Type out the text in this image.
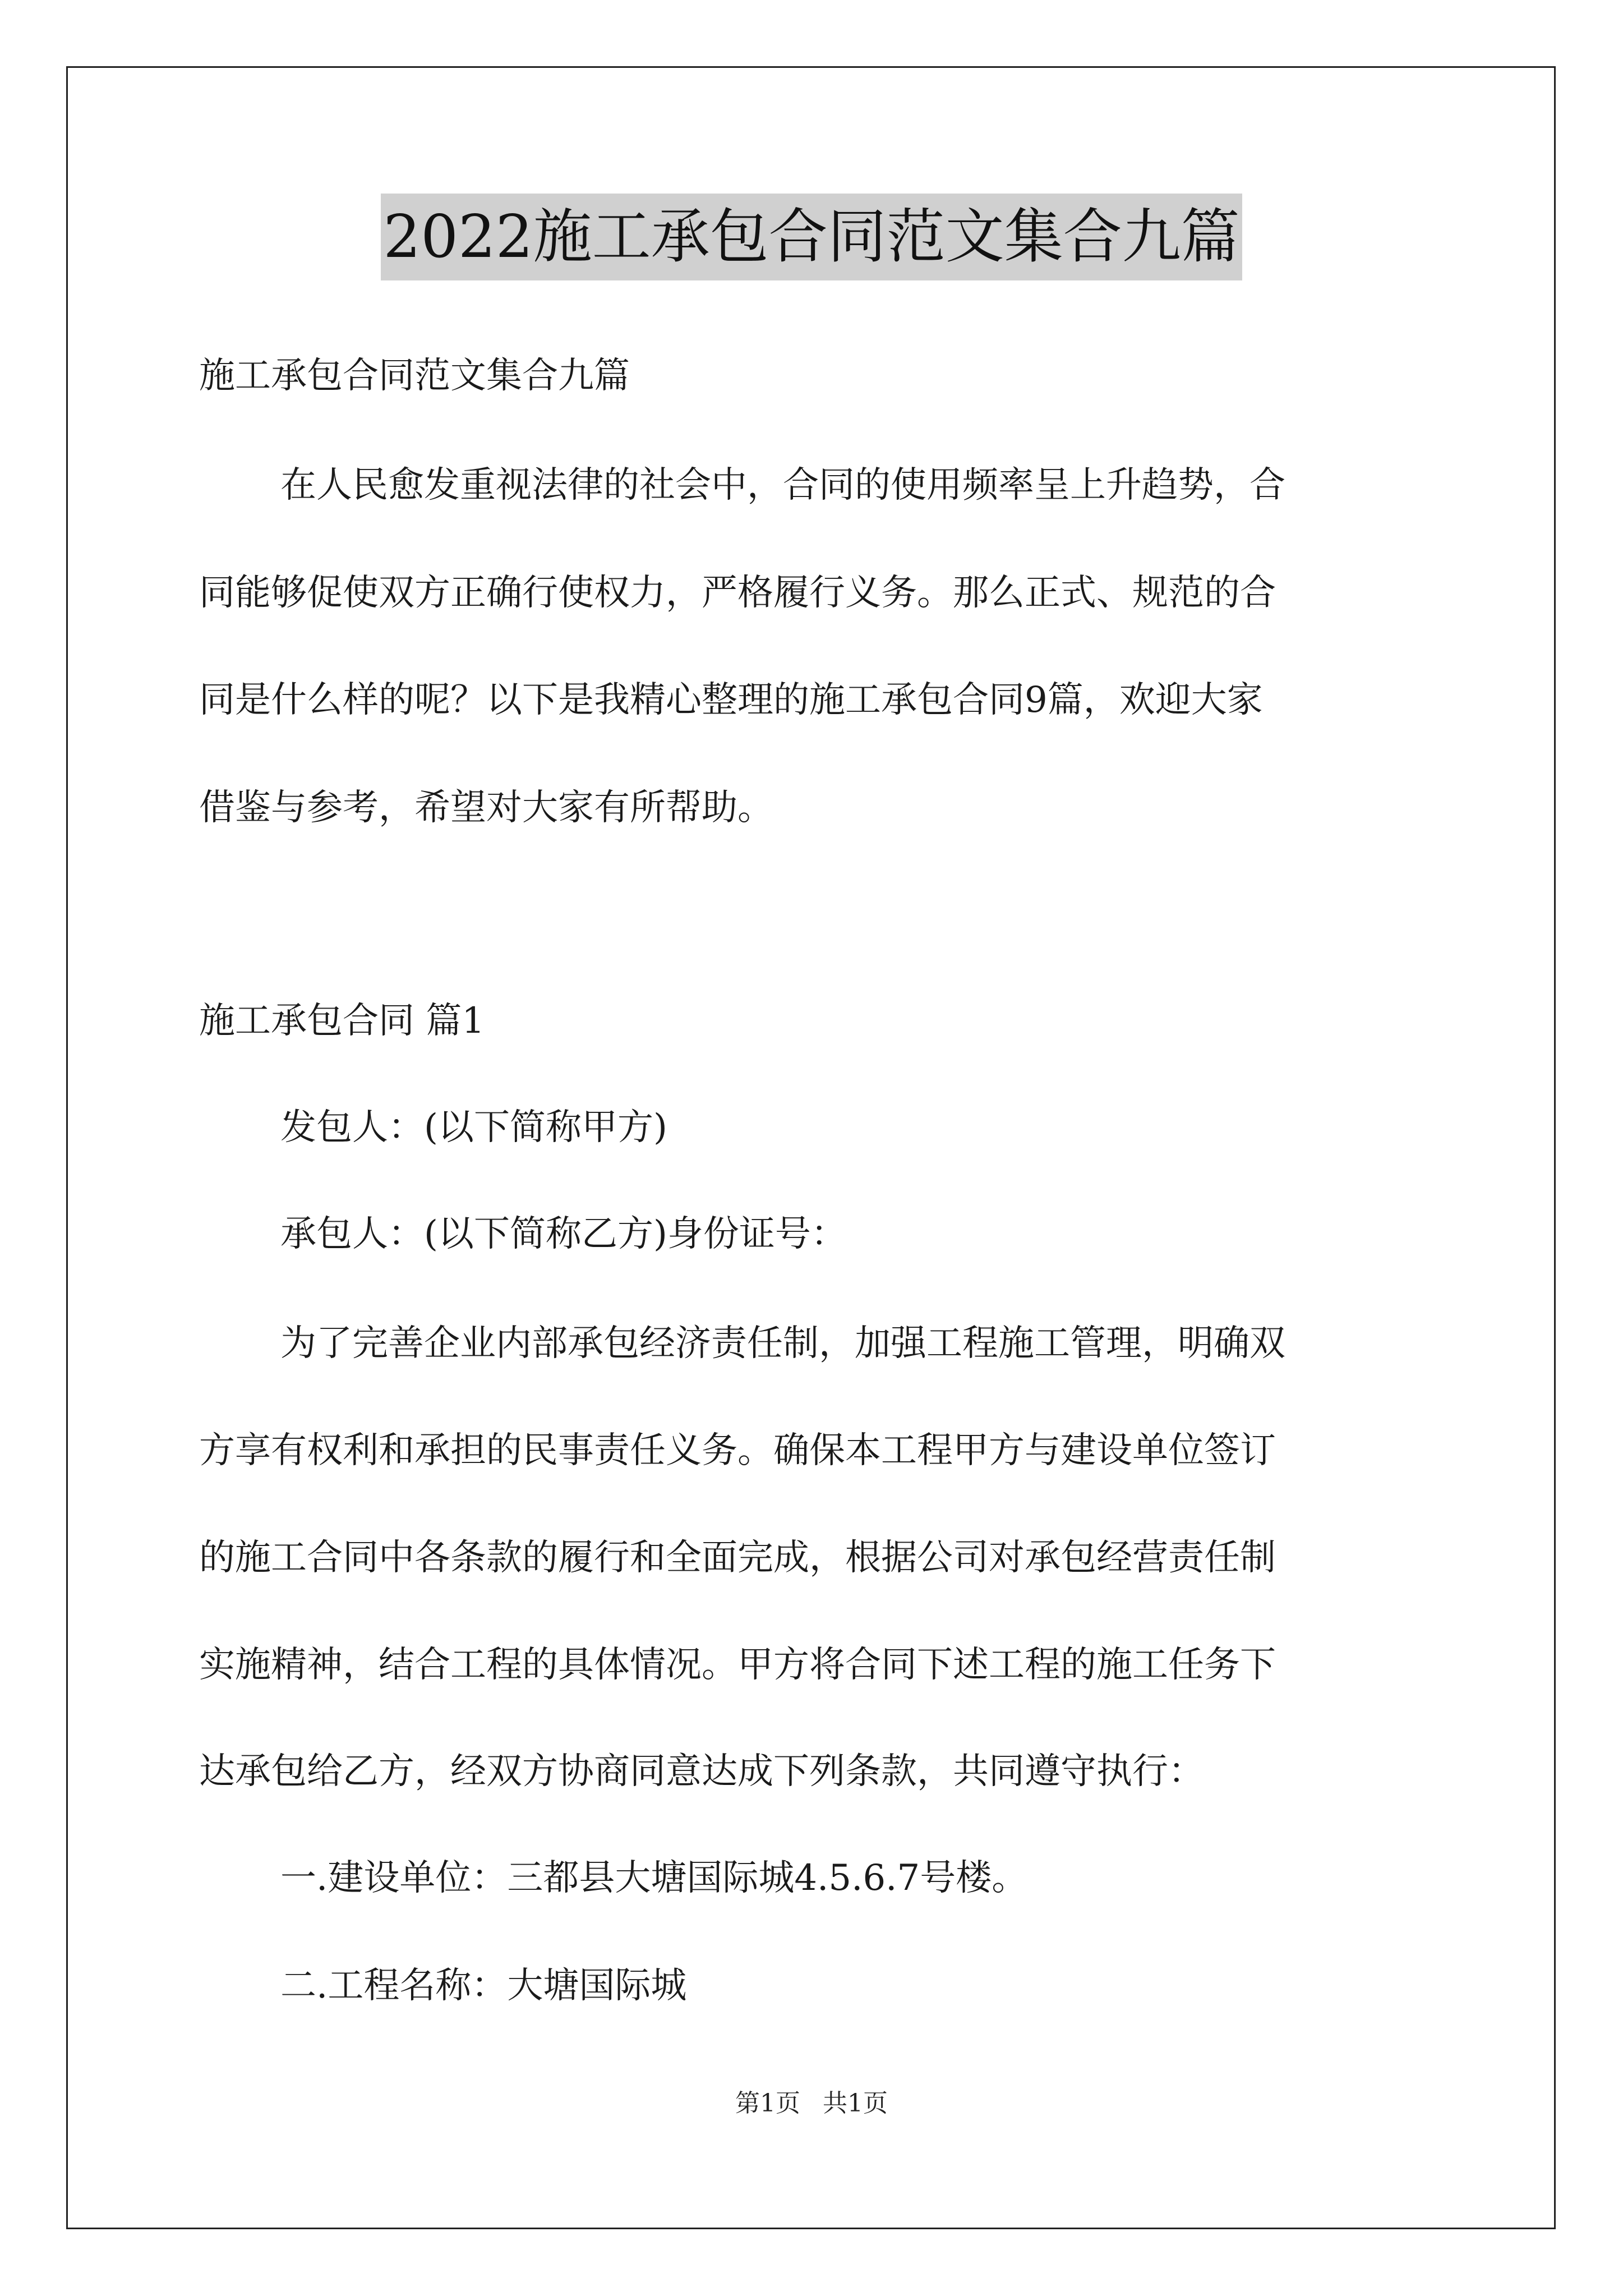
2022施工承包合同范文集合九篇

施工承包合同范文集合九篇

在人民愈发重视法律的社会中，合同的使用频率呈上升趋势，合

同能够促使双方正确行使权力，严格履行义务。那么正式、规范的合

同是什么样的呢？以下是我精心整理的施工承包合同9篇，欢迎大家

借鉴与参考，希望对大家有所帮助。

施工承包合同 篇1

发包人：(以下简称甲方)

承包人：(以下简称乙方)身份证号：

为了完善企业内部承包经济责任制，加强工程施工管理，明确双

方享有权利和承担的民事责任义务。确保本工程甲方与建设单位签订

的施工合同中各条款的履行和全面完成，根据公司对承包经营责任制

实施精神，结合工程的具体情况。甲方将合同下述工程的施工任务下

达承包给乙方，经双方协商同意达成下列条款，共同遵守执行：

一.建设单位：三都县大塘国际城4.5.6.7号楼。

二.工程名称：大塘国际城

第1页 共1页
